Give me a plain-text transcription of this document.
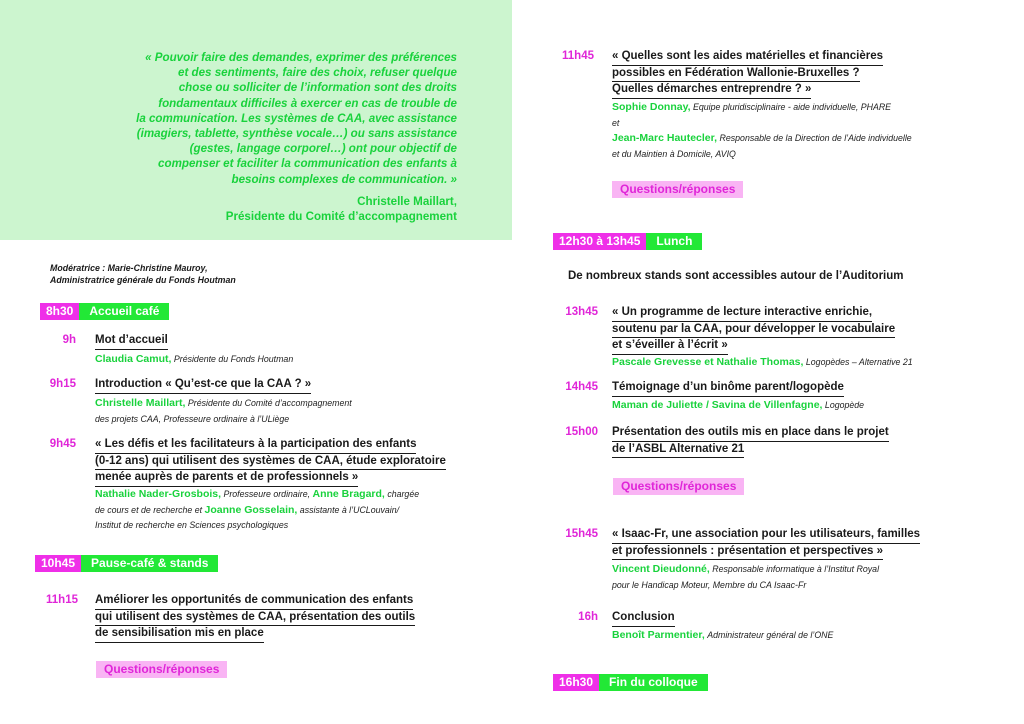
« Pouvoir faire des demandes, exprimer des préférences
et des sentiments, faire des choix, refuser quelque
chose ou solliciter de l’information sont des droits
fondamentaux difficiles à exercer en cas de trouble de
la communication. Les systèmes de CAA, avec assistance
(imagiers, tablette, synthèse vocale…) ou sans assistance
(gestes, langage corporel…) ont pour objectif de
compenser et faciliter la communication des enfants à
besoins complexes de communication. »
Christelle Maillart,
Présidente du Comité d’accompagnement
Modératrice : Marie-Christine Mauroy,
Administratrice générale du Fonds Houtman
8h30	Accueil café
9h Mot d’accueil
Claudia Camut, Présidente du Fonds Houtman
9h15 Introduction « Qu’est-ce que la CAA ? »
Christelle Maillart, Présidente du Comité d’accompagnement
des projets CAA, Professeure ordinaire à l’ULiège
9h45 « Les défis et les facilitateurs à la participation des enfants
(0-12 ans) qui utilisent des systèmes de CAA, étude exploratoire
menée auprès de parents et de professionnels »
Nathalie Nader-Grosbois, Professeure ordinaire, Anne Bragard, chargée
de cours et de recherche et Joanne Gosselain, assistante à l’UCLouvain/
Institut de recherche en Sciences psychologiques
10h45	Pause-café & stands
11h15 Améliorer les opportunités de communication des enfants
qui utilisent des systèmes de CAA, présentation des outils
de sensibilisation mis en place
Questions/réponses
11h45 « Quelles sont les aides matérielles et financières
possibles en Fédération Wallonie-Bruxelles ?
Quelles démarches entreprendre ? »
Sophie Donnay, Equipe pluridisciplinaire - aide individuelle, PHARE
et
Jean-Marc Hautecler, Responsable de la Direction de l’Aide individuelle
et du Maintien à Domicile, AVIQ
Questions/réponses
12h30 à 13h45	Lunch
De nombreux stands sont accessibles autour de l’Auditorium
13h45 « Un programme de lecture interactive enrichie,
soutenu par la CAA, pour développer le vocabulaire
et s’éveiller à l’écrit »
Pascale Grevesse et Nathalie Thomas, Logopèdes – Alternative 21
14h45 Témoignage d’un binôme parent/logopède
Maman de Juliette / Savina de Villenfagne, Logopède
15h00 Présentation des outils mis en place dans le projet
de l’ASBL Alternative 21
Questions/réponses
15h45 « Isaac-Fr, une association pour les utilisateurs, familles
et professionnels : présentation et perspectives »
Vincent Dieudonné, Responsable informatique à l’Institut Royal
pour le Handicap Moteur, Membre du CA Isaac-Fr
16h Conclusion
Benoît Parmentier, Administrateur général de l’ONE
16h30	Fin du colloque
